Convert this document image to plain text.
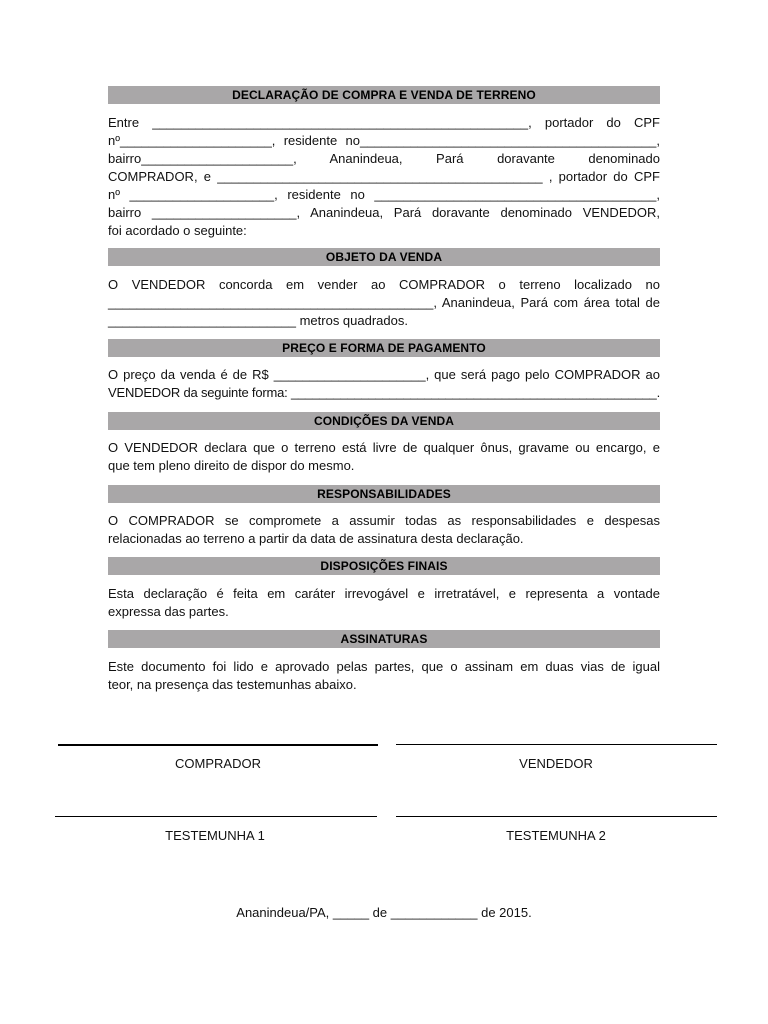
DECLARAÇÃO DE COMPRA E VENDA DE TERRENO
Entre ____________________________________________________, portador do CPF
nº_____________________, residente no_________________________________________,
bairro_____________________, Ananindeua, Pará doravante denominado
COMPRADOR, e _____________________________________________ , portador do CPF
nº ____________________, residente no _______________________________________,
bairro ____________________, Ananindeua, Pará doravante denominado VENDEDOR,
foi acordado o seguinte:
OBJETO DA VENDA
O VENDEDOR concorda em vender ao COMPRADOR o terreno localizado no
_____________________________________________, Ananindeua, Pará com área total de
__________________________ metros quadrados.
PREÇO E FORMA DE PAGAMENTO
O preço da venda é de R$ _____________________, que será pago pelo COMPRADOR ao
VENDEDOR da seguinte forma: ____________________________________________________.
CONDIÇÕES DA VENDA
O VENDEDOR declara que o terreno está livre de qualquer ônus, gravame ou encargo, e
que tem pleno direito de dispor do mesmo.
RESPONSABILIDADES
O COMPRADOR se compromete a assumir todas as responsabilidades e despesas
relacionadas ao terreno a partir da data de assinatura desta declaração.
DISPOSIÇÕES FINAIS
Esta declaração é feita em caráter irrevogável e irretratável, e representa a vontade
expressa das partes.
ASSINATURAS
Este documento foi lido e aprovado pelas partes, que o assinam em duas vias de igual
teor, na presença das testemunhas abaixo.
COMPRADOR	VENDEDOR
TESTEMUNHA 1	TESTEMUNHA 2
Ananindeua/PA, _____ de ____________ de 2015.
